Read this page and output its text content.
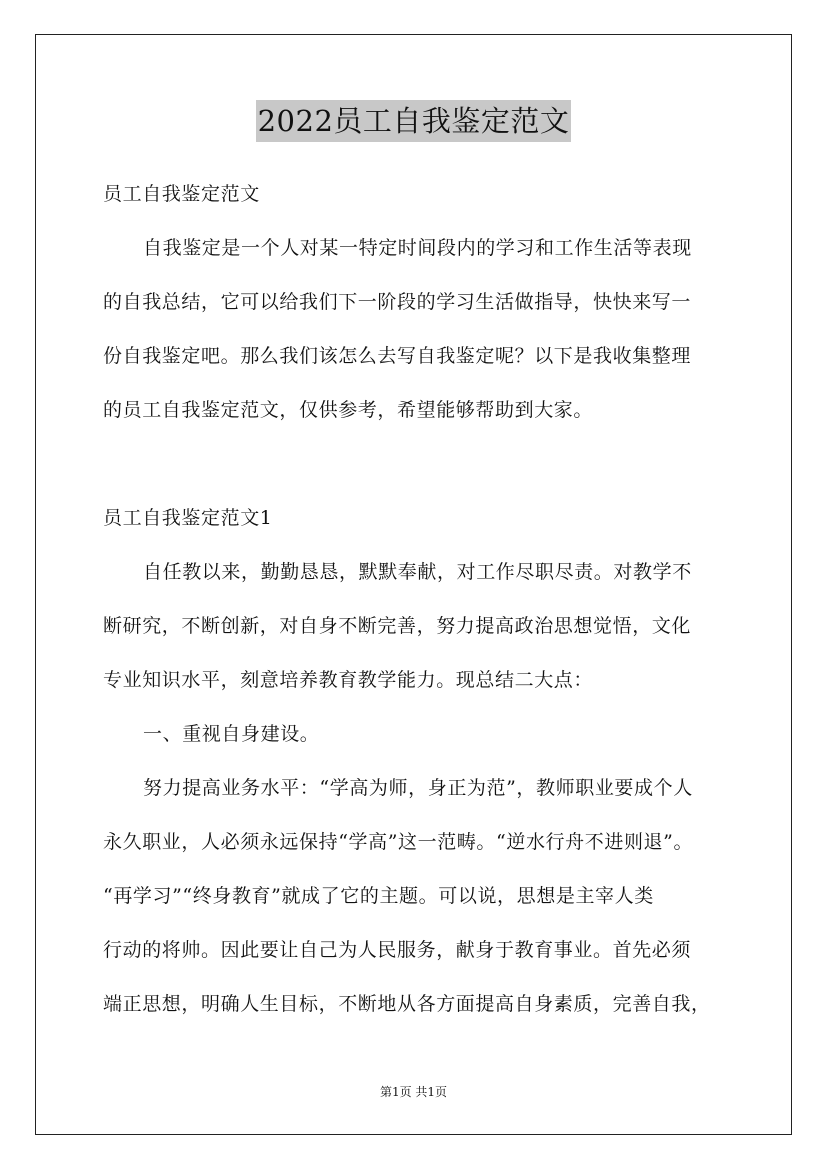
2022员工自我鉴定范文
员工自我鉴定范文
自我鉴定是一个人对某一特定时间段内的学习和工作生活等表现
的自我总结，它可以给我们下一阶段的学习生活做指导，快快来写一
份自我鉴定吧。那么我们该怎么去写自我鉴定呢？以下是我收集整理
的员工自我鉴定范文，仅供参考，希望能够帮助到大家。
员工自我鉴定范文1
自任教以来，勤勤恳恳，默默奉献，对工作尽职尽责。对教学不
断研究，不断创新，对自身不断完善，努力提高政治思想觉悟，文化
专业知识水平，刻意培养教育教学能力。现总结二大点：
一、重视自身建设。
努力提高业务水平：“学高为师，身正为范”，教师职业要成个人
永久职业，人必须永远保持“学高”这一范畴。“逆水行舟不进则退”。
“再学习”“终身教育”就成了它的主题。可以说，思想是主宰人类
行动的将帅。因此要让自己为人民服务，献身于教育事业。首先必须
端正思想，明确人生目标，不断地从各方面提高自身素质，完善自我，
第1页 共1页
